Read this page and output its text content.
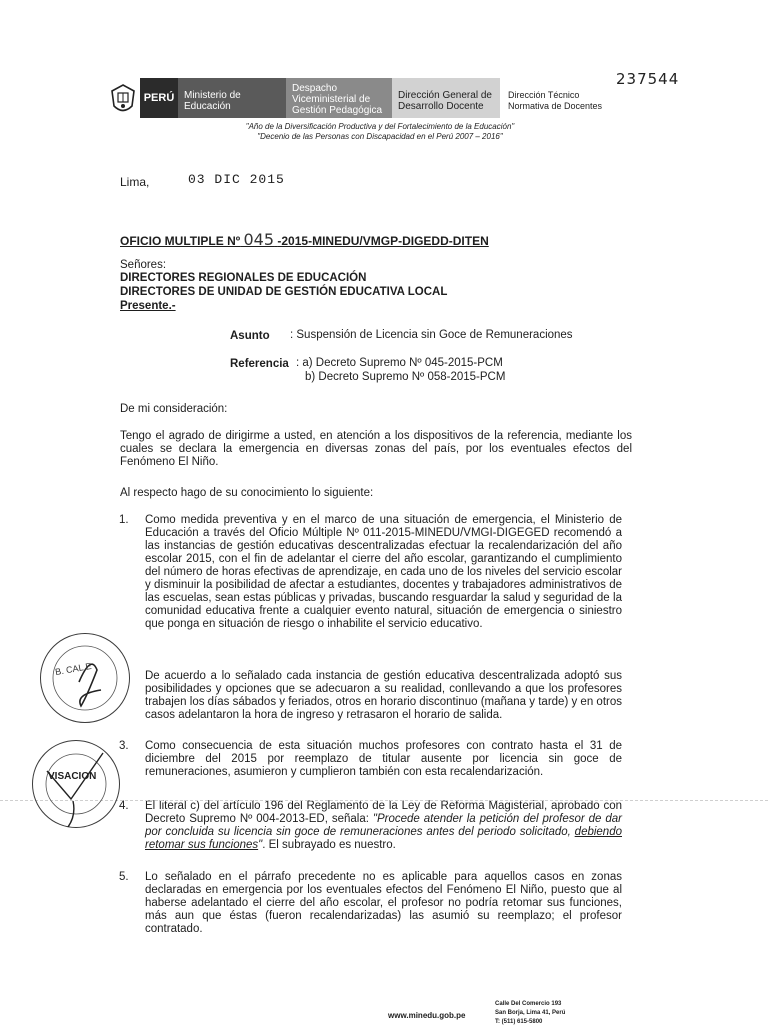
PERÚ Ministerio de Educación
Despacho Viceministerial de Gestión Pedagógica
Dirección General de Desarrollo Docente
Dirección Técnico Normativa de Docentes
237544
"Año de la Diversificación Productiva y del Fortalecimiento de la Educación"
"Decenio de las Personas con Discapacidad en el Perú 2007 – 2016"
Lima,	03 DIC 2015
OFICIO MULTIPLE Nº 045 -2015-MINEDU/VMGP-DIGEDD-DITEN
Señores:
DIRECTORES REGIONALES DE EDUCACIÓN
DIRECTORES DE UNIDAD DE GESTIÓN EDUCATIVA LOCAL
Presente.-
Asunto : Suspensión de Licencia sin Goce de Remuneraciones
Referencia : a) Decreto Supremo Nº 045-2015-PCM
b) Decreto Supremo Nº 058-2015-PCM
De mi consideración:
Tengo el agrado de dirigirme a usted, en atención a los dispositivos de la referencia, mediante los cuales se declara la emergencia en diversas zonas del país, por los eventuales efectos del Fenómeno El Niño.
Al respecto hago de su conocimiento lo siguiente:
1. Como medida preventiva y en el marco de una situación de emergencia, el Ministerio de Educación a través del Oficio Múltiple Nº 011-2015-MINEDU/VMGI-DIGEGED recomendó a las instancias de gestión educativas descentralizadas efectuar la recalendarización del año escolar 2015, con el fin de adelantar el cierre del año escolar, garantizando el cumplimiento del número de horas efectivas de aprendizaje, en cada uno de los niveles del servicio escolar y disminuir la posibilidad de afectar a estudiantes, docentes y trabajadores administrativos de las escuelas, sean estas públicas y privadas, buscando resguardar la salud y seguridad de la comunidad educativa frente a cualquier evento natural, situación de emergencia o siniestro que ponga en situación de riesgo o inhabilite el servicio educativo.
De acuerdo a lo señalado cada instancia de gestión educativa descentralizada adoptó sus posibilidades y opciones que se adecuaron a su realidad, conllevando a que los profesores trabajen los días sábados y feriados, otros en horario discontinuo (mañana y tarde) y en otros casos adelantaron la hora de ingreso y retrasaron el horario de salida.
3. Como consecuencia de esta situación muchos profesores con contrato hasta el 31 de diciembre del 2015 por reemplazo de titular ausente por licencia sin goce de remuneraciones, asumieron y cumplieron también con esta recalendarización.
4. El literal c) del artículo 196 del Reglamento de la Ley de Reforma Magisterial, aprobado con Decreto Supremo Nº 004-2013-ED, señala: "Procede atender la petición del profesor de dar por concluida su licencia sin goce de remuneraciones antes del periodo solicitado, debiendo retomar sus funciones". El subrayado es nuestro.
5. Lo señalado en el párrafo precedente no es aplicable para aquellos casos en zonas declaradas en emergencia por los eventuales efectos del Fenómeno El Niño, puesto que al haberse adelantado el cierre del año escolar, el profesor no podría retomar sus funciones, más aun que éstas (fueron recalendarizadas) las asumió su reemplazo; el profesor contratado.
B. CAL E
VISACION
www.minedu.gob.pe
Calle Del Comercio 193
San Borja, Lima 41, Perú
T: (511) 615-5800
